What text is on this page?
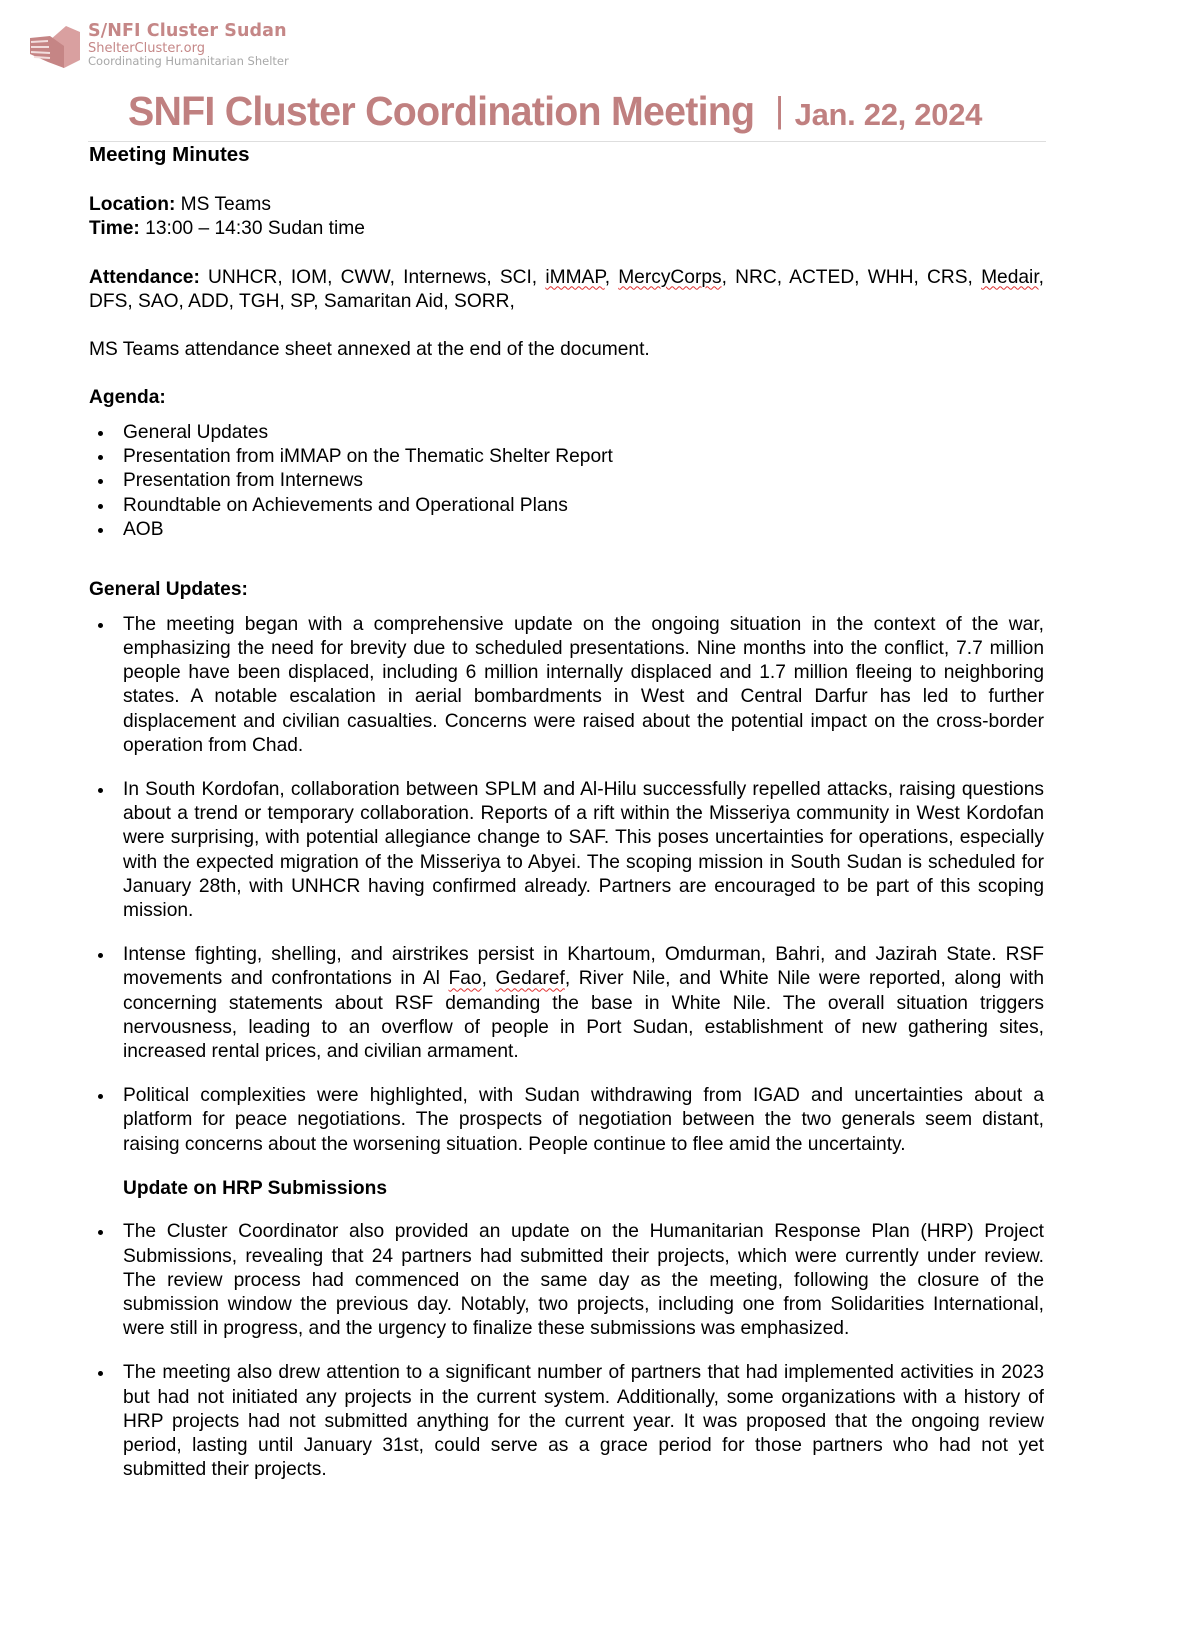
S/NFI Cluster Sudan
ShelterCluster.org
Coordinating Humanitarian Shelter
SNFI Cluster Coordination Meeting | Jan. 22, 2024
Meeting Minutes
Location: MS Teams
Time: 13:00 – 14:30 Sudan time
Attendance: UNHCR, IOM, CWW, Internews, SCI, iMMAP, MercyCorps, NRC, ACTED, WHH, CRS, Medair, DFS, SAO, ADD, TGH, SP, Samaritan Aid, SORR,
MS Teams attendance sheet annexed at the end of the document.
Agenda:
General Updates
Presentation from iMMAP on the Thematic Shelter Report
Presentation from Internews
Roundtable on Achievements and Operational Plans
AOB
General Updates:
The meeting began with a comprehensive update on the ongoing situation in the context of the war, emphasizing the need for brevity due to scheduled presentations. Nine months into the conflict, 7.7 million people have been displaced, including 6 million internally displaced and 1.7 million fleeing to neighboring states. A notable escalation in aerial bombardments in West and Central Darfur has led to further displacement and civilian casualties. Concerns were raised about the potential impact on the cross-border operation from Chad.
In South Kordofan, collaboration between SPLM and Al-Hilu successfully repelled attacks, raising questions about a trend or temporary collaboration. Reports of a rift within the Misseriya community in West Kordofan were surprising, with potential allegiance change to SAF. This poses uncertainties for operations, especially with the expected migration of the Misseriya to Abyei. The scoping mission in South Sudan is scheduled for January 28th, with UNHCR having confirmed already. Partners are encouraged to be part of this scoping mission.
Intense fighting, shelling, and airstrikes persist in Khartoum, Omdurman, Bahri, and Jazirah State. RSF movements and confrontations in Al Fao, Gedaref, River Nile, and White Nile were reported, along with concerning statements about RSF demanding the base in White Nile. The overall situation triggers nervousness, leading to an overflow of people in Port Sudan, establishment of new gathering sites, increased rental prices, and civilian armament.
Political complexities were highlighted, with Sudan withdrawing from IGAD and uncertainties about a platform for peace negotiations. The prospects of negotiation between the two generals seem distant, raising concerns about the worsening situation. People continue to flee amid the uncertainty.
Update on HRP Submissions
The Cluster Coordinator also provided an update on the Humanitarian Response Plan (HRP) Project Submissions, revealing that 24 partners had submitted their projects, which were currently under review. The review process had commenced on the same day as the meeting, following the closure of the submission window the previous day. Notably, two projects, including one from Solidarities International, were still in progress, and the urgency to finalize these submissions was emphasized.
The meeting also drew attention to a significant number of partners that had implemented activities in 2023 but had not initiated any projects in the current system. Additionally, some organizations with a history of HRP projects had not submitted anything for the current year. It was proposed that the ongoing review period, lasting until January 31st, could serve as a grace period for those partners who had not yet submitted their projects.
